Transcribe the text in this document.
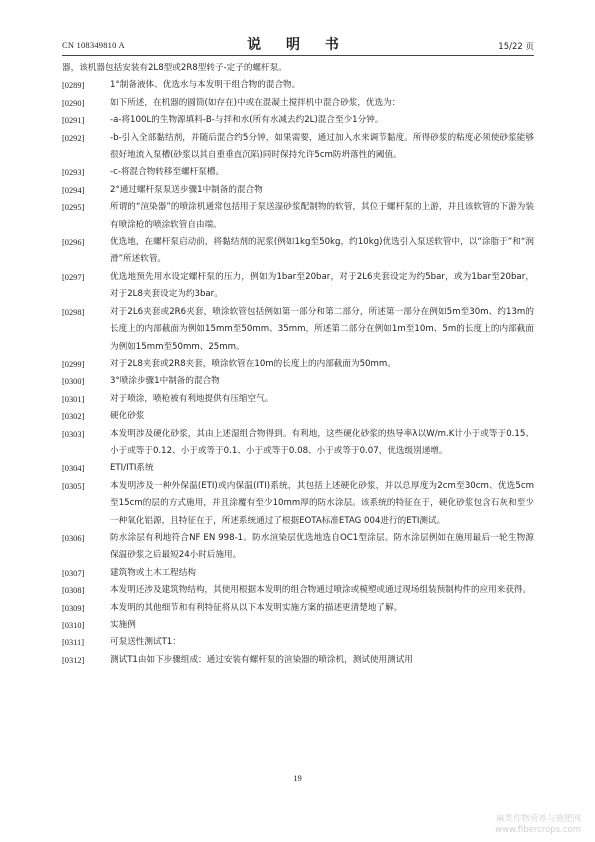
CN 108349810 A	说 明 书	15/22 页
器，该机器包括安装有2L8型或2R8型转子-定子的螺杆泵。
[0289]	1°制备液体、优选水与本发明干组合物的混合物。
[0290]	如下所述，在机器的圆筒(如存在)中或在混凝土搅拌机中混合砂浆，优选为：
[0291]	-a-将100L的生物源填料-B-与拌和水(所有水减去约2L)混合至少1分钟。
[0292]	-b-引入全部黏结剂，并随后混合约5分钟，如果需要，通过加入水来调节黏度。所得砂浆的粘度必须使砂浆能够很好地流入泵槽(砂浆以其自重垂直沉陷)同时保持允许5cm防坍落性的阈值。
[0293]	-c-将混合物转移至螺杆泵槽。
[0294]	2°通过螺杆泵泵送步骤1中制备的混合物
[0295]	所谓的“渲染器”的喷涂机通常包括用于泵送湿砂浆配制物的软管，其位于螺杆泵的上游，并且该软管的下游为装有喷涂枪的喷涂软管自由端。
[0296]	优选地，在螺杆泵启动前，将黏结剂的泥浆(例如1kg至50kg，约10kg)优选引入泵送软管中，以“涂脂于”和“润滑”所述软管。
[0297]	优选地预先用水设定螺杆泵的压力，例如为1bar至20bar，对于2L6夹套设定为约5bar，或为1bar至20bar，对于2L8夹套设定为约3bar。
[0298]	对于2L6夹套或2R6夹套，喷涂软管包括例如第一部分和第二部分，所述第一部分在例如5m至30m、约13m的长度上的内部截面为例如15mm至50mm、35mm，所述第二部分在例如1m至10m、5m的长度上的内部截面为例如15mm至50mm、25mm。
[0299]	对于2L8夹套或2R8夹套，喷涂软管在10m的长度上的内部截面为50mm。
[0300]	3°喷涂步骤1中制备的混合物
[0301]	对于喷涂，喷枪被有利地提供有压缩空气。
[0302]	硬化砂浆
[0303]	本发明涉及硬化砂浆，其由上述湿组合物得到。有利地，这些硬化砂浆的热导率λ以W/m.K计小于或等于0.15、小于或等于0.12、小于或等于0.1、小于或等于0.08、小于或等于0.07，优选级別递增。
[0304]	ETI/ITI系统
[0305]	本发明涉及一种外保温(ETI)或内保温(ITI)系统，其包括上述硬化砂浆，并以总厚度为2cm至30cm、优选5cm至15cm的层的方式施用，并且涂覆有至少10mm厚的防水涂层。该系统的特征在于，硬化砂浆包含石灰和至少一种氧化铝源，且特征在于，所述系统通过了根据EOTA标准ETAG 004进行的ETI测试。
[0306]	防水涂层有利地符合NF EN 998-1。防水渲染层优选地选自OC1型涂层。防水涂层例如在施用最后一轮生物源保温砂浆之后最短24小时后施用。
[0307]	建筑物或土木工程结构
[0308]	本发明还涉及建筑物结构，其使用根据本发明的组合物通过喷涂或模塑或通过现场组装预制构件的应用来获得。
[0309]	本发明的其他细节和有利特征将从以下本发明实施方案的描述更清楚地了解。
[0310]	实施例
[0311]	可泵送性测试T1：
[0312]	测试T1由如下步骤组成：通过安装有螺杆泵的渲染器的喷涂机，测试使用测试用
19
麻类作物营养与施肥网
www.fibercrops.com
